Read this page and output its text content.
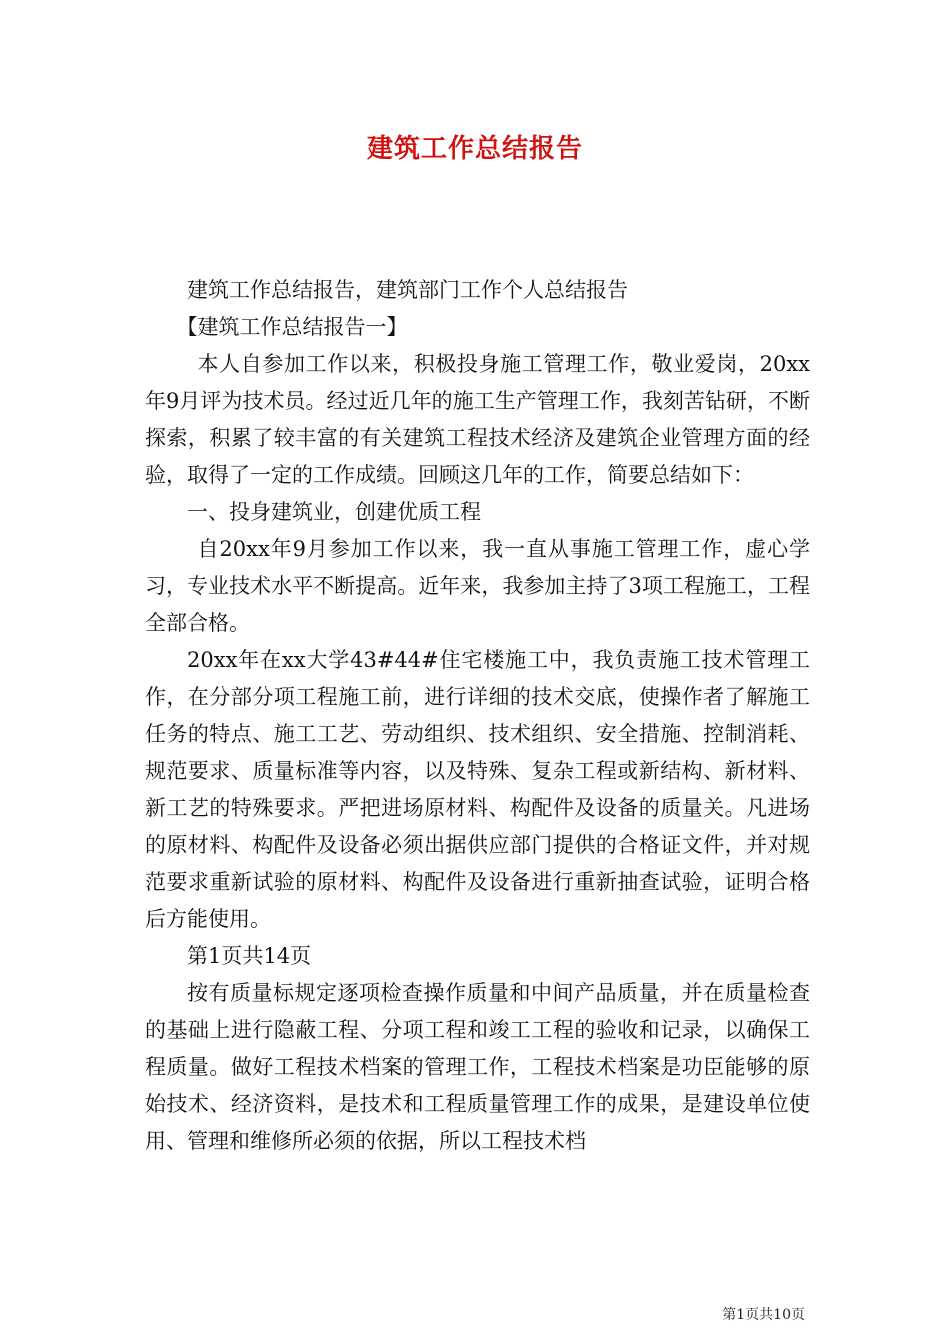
建筑工作总结报告

建筑工作总结报告，建筑部门工作个人总结报告

【建筑工作总结报告一】

本人自参加工作以来，积极投身施工管理工作，敬业爱岗，20xx年9月评为技术员。经过近几年的施工生产管理工作，我刻苦钻研，不断探索，积累了较丰富的有关建筑工程技术经济及建筑企业管理方面的经验，取得了一定的工作成绩。回顾这几年的工作，简要总结如下：

一、投身建筑业，创建优质工程

自20xx年9月参加工作以来，我一直从事施工管理工作，虚心学习，专业技术水平不断提高。近年来，我参加主持了3项工程施工，工程全部合格。

20xx年在xx大学43#44#住宅楼施工中，我负责施工技术管理工作，在分部分项工程施工前，进行详细的技术交底，使操作者了解施工任务的特点、施工工艺、劳动组织、技术组织、安全措施、控制消耗、规范要求、质量标准等内容，以及特殊、复杂工程或新结构、新材料、新工艺的特殊要求。严把进场原材料、构配件及设备的质量关。凡进场的原材料、构配件及设备必须出据供应部门提供的合格证文件，并对规范要求重新试验的原材料、构配件及设备进行重新抽查试验，证明合格后方能使用。

第1页共14页

按有质量标规定逐项检查操作质量和中间产品质量，并在质量检查的基础上进行隐蔽工程、分项工程和竣工工程的验收和记录，以确保工程质量。做好工程技术档案的管理工作，工程技术档案是功臣能够的原始技术、经济资料，是技术和工程质量管理工作的成果，是建设单位使用、管理和维修所必须的依据，所以工程技术档

第1页共10页
